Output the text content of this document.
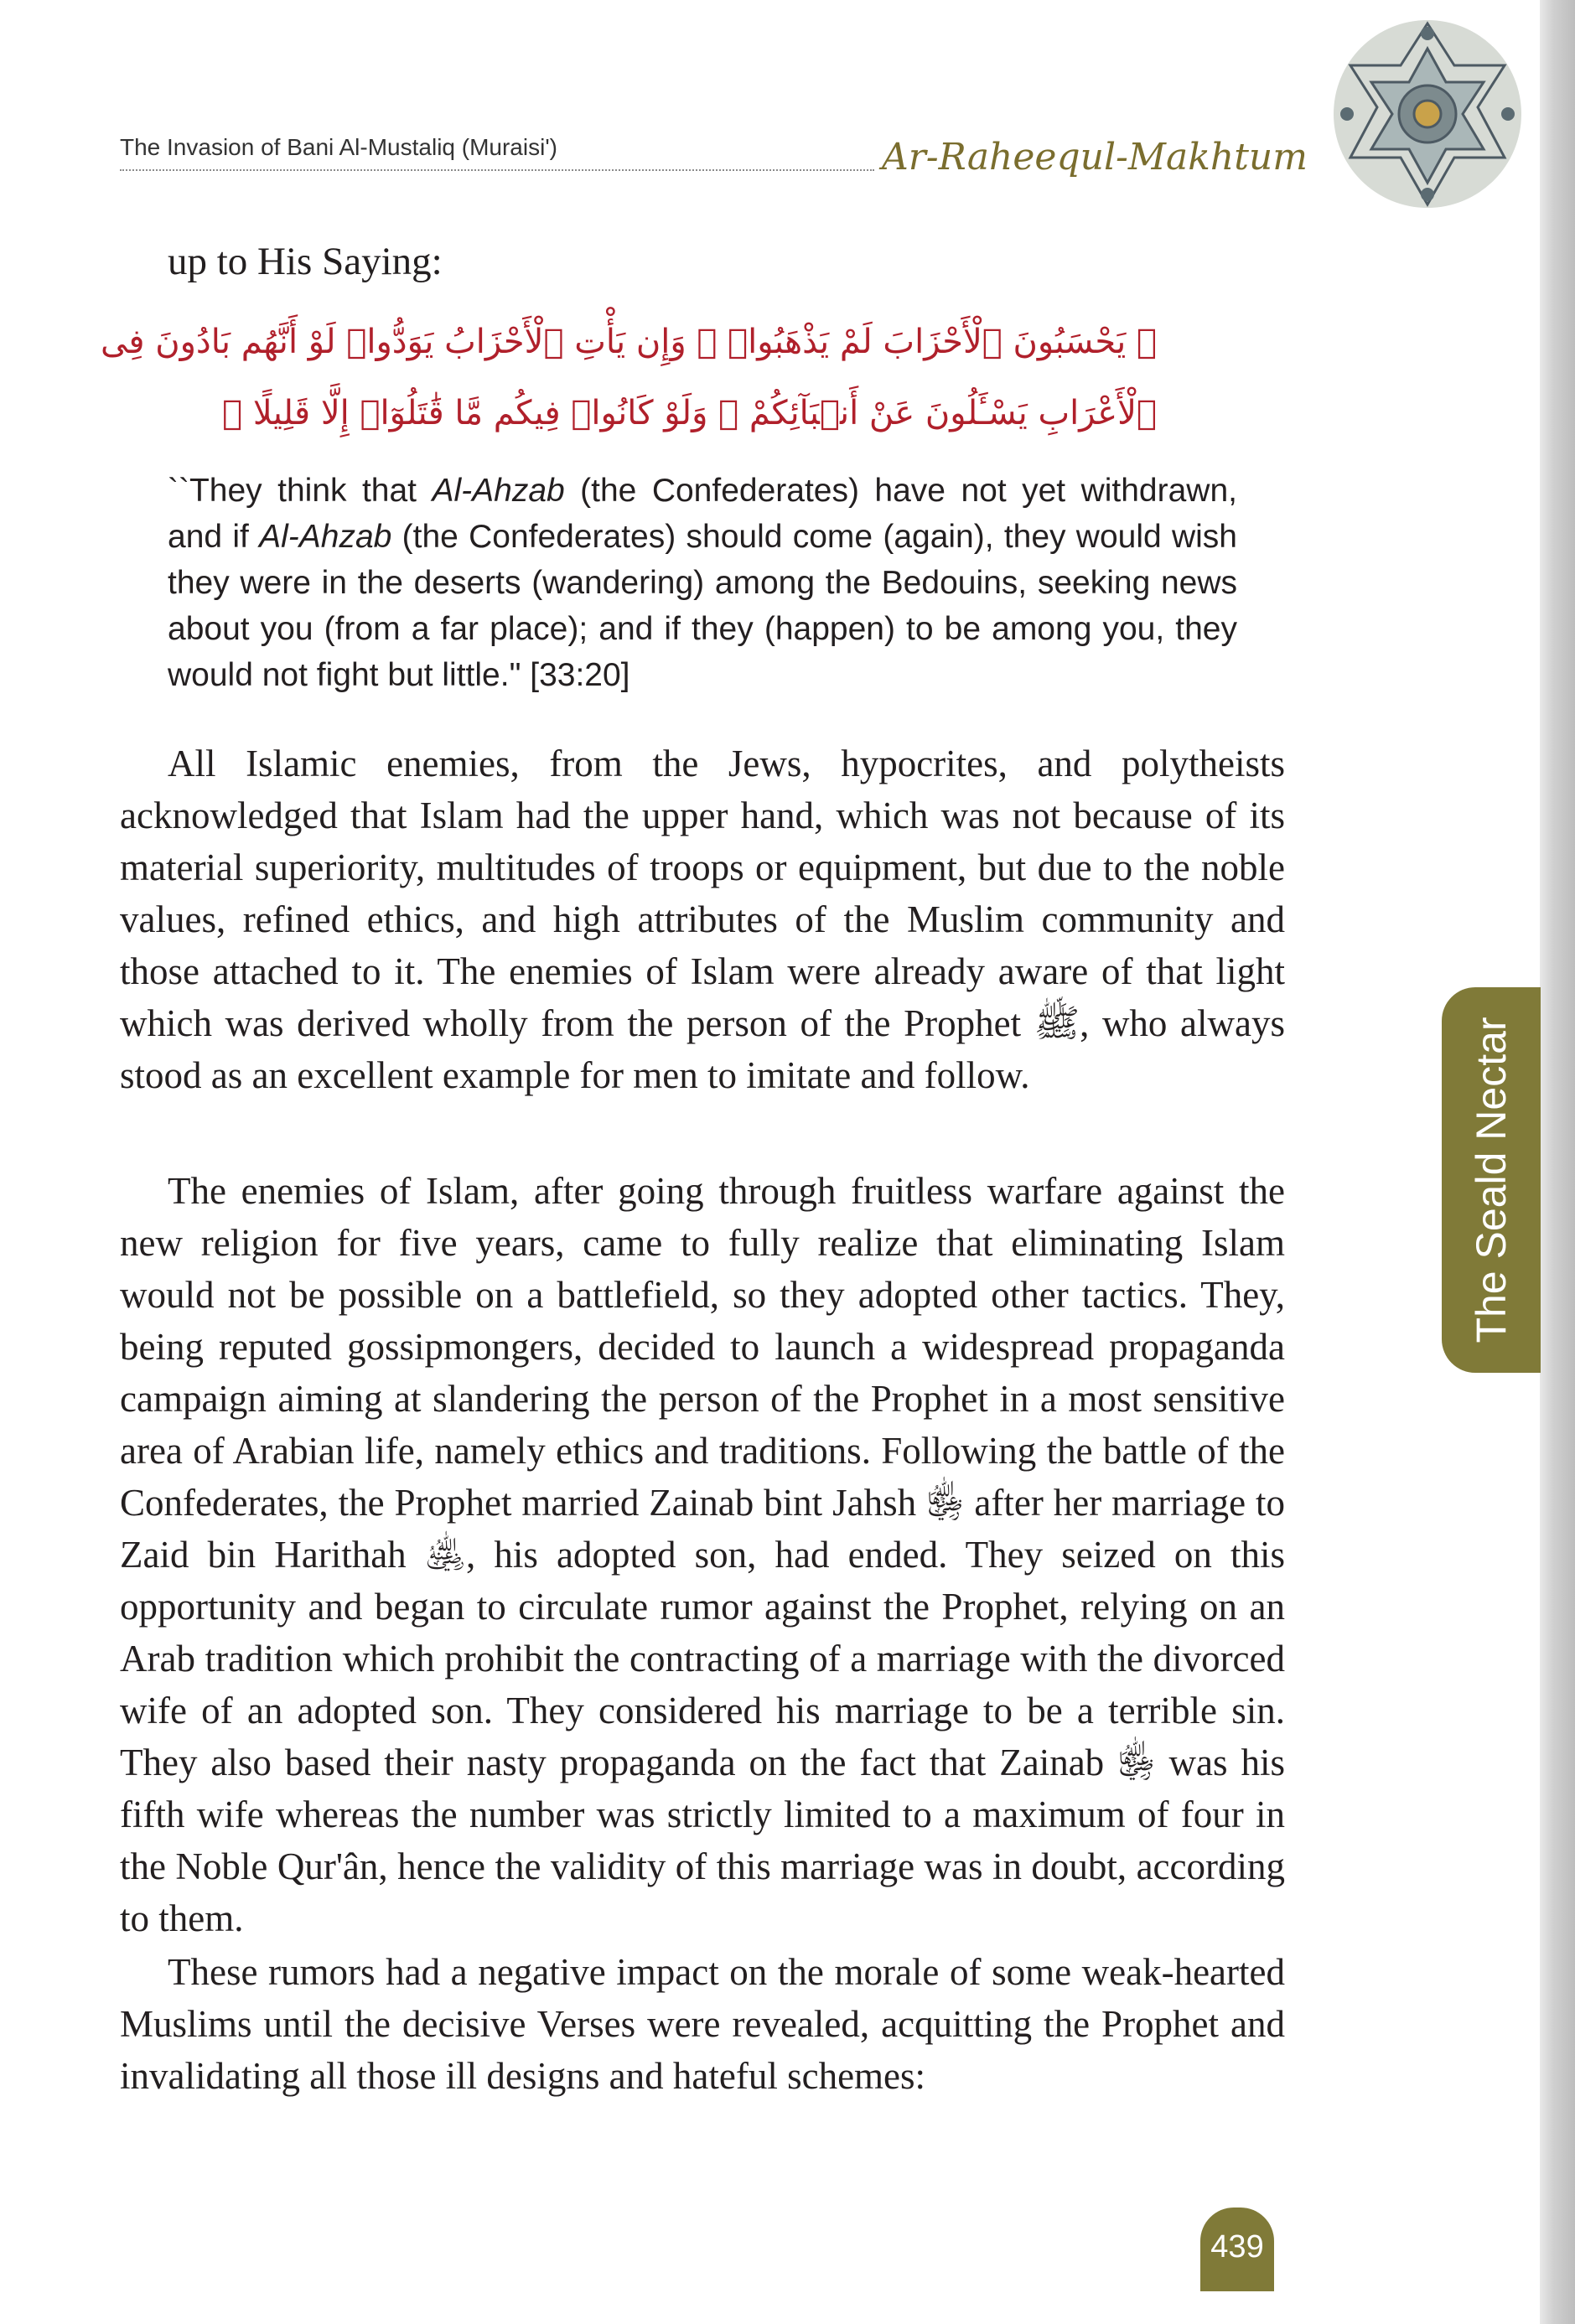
The Invasion of Bani Al-Mustaliq (Muraisi')	Ar-Raheequl-Makhtum
The Seald Nectar
up to His Saying:
﴿ يَحْسَبُونَ ٱلْأَحْزَابَ لَمْ يَذْهَبُوا۟ ۖ وَإِن يَأْتِ ٱلْأَحْزَابُ يَوَدُّوا۟ لَوْ أَنَّهُم بَادُونَ فِى
ٱلْأَعْرَابِ يَسْـَٔلُونَ عَنْ أَنۢبَآئِكُمْ ۖ وَلَوْ كَانُوا۟ فِيكُم مَّا قَٰتَلُوٓا۟ إِلَّا قَلِيلًا ﴾

``They think that Al-Ahzab (the Confederates) have not yet withdrawn, and if Al-Ahzab (the Confederates) should come (again), they would wish they were in the deserts (wandering) among the Bedouins, seeking news about you (from a far place); and if they (happen) to be among you, they would not fight but little." [33:20]

All Islamic enemies, from the Jews, hypocrites, and polytheists acknowledged that Islam had the upper hand, which was not because of its material superiority, multitudes of troops or equipment, but due to the noble values, refined ethics, and high attributes of the Muslim community and those attached to it. The enemies of Islam were already aware of that light which was derived wholly from the person of the Prophet ﷺ, who always stood as an excellent example for men to imitate and follow.

The enemies of Islam, after going through fruitless warfare against the new religion for five years, came to fully realize that eliminating Islam would not be possible on a battlefield, so they adopted other tactics. They, being reputed gossipmongers, decided to launch a widespread propaganda campaign aiming at slandering the person of the Prophet in a most sensitive area of Arabian life, namely ethics and traditions. Following the battle of the Confederates, the Prophet married Zainab bint Jahsh ﵂ after her marriage to Zaid bin Harithah ﵁, his adopted son, had ended. They seized on this opportunity and began to circulate rumor against the Prophet, relying on an Arab tradition which prohibit the contracting of a marriage with the divorced wife of an adopted son. They considered his marriage to be a terrible sin. They also based their nasty propaganda on the fact that Zainab ﵂ was his fifth wife whereas the number was strictly limited to a maximum of four in the Noble Qur'ân, hence the validity of this marriage was in doubt, according to them.

These rumors had a negative impact on the morale of some weak-hearted Muslims until the decisive Verses were revealed, acquitting the Prophet and invalidating all those ill designs and hateful schemes:

439
